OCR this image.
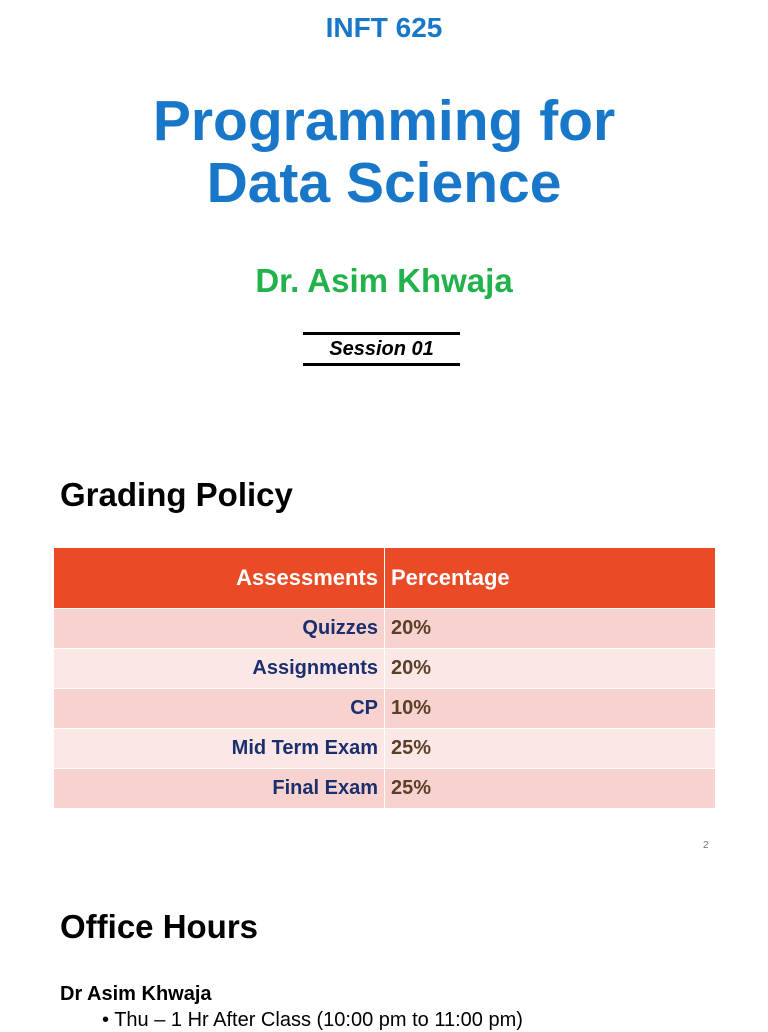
INFT 625
Programming for
Data Science
Dr. Asim Khwaja
Session 01
Grading Policy
Assessments	Percentage
Quizzes	20%
Assignments	20%
CP	10%
Mid Term Exam	25%
Final Exam	25%
2
Office Hours
Dr Asim Khwaja
• Thu – 1 Hr After Class (10:00 pm to 11:00 pm)
